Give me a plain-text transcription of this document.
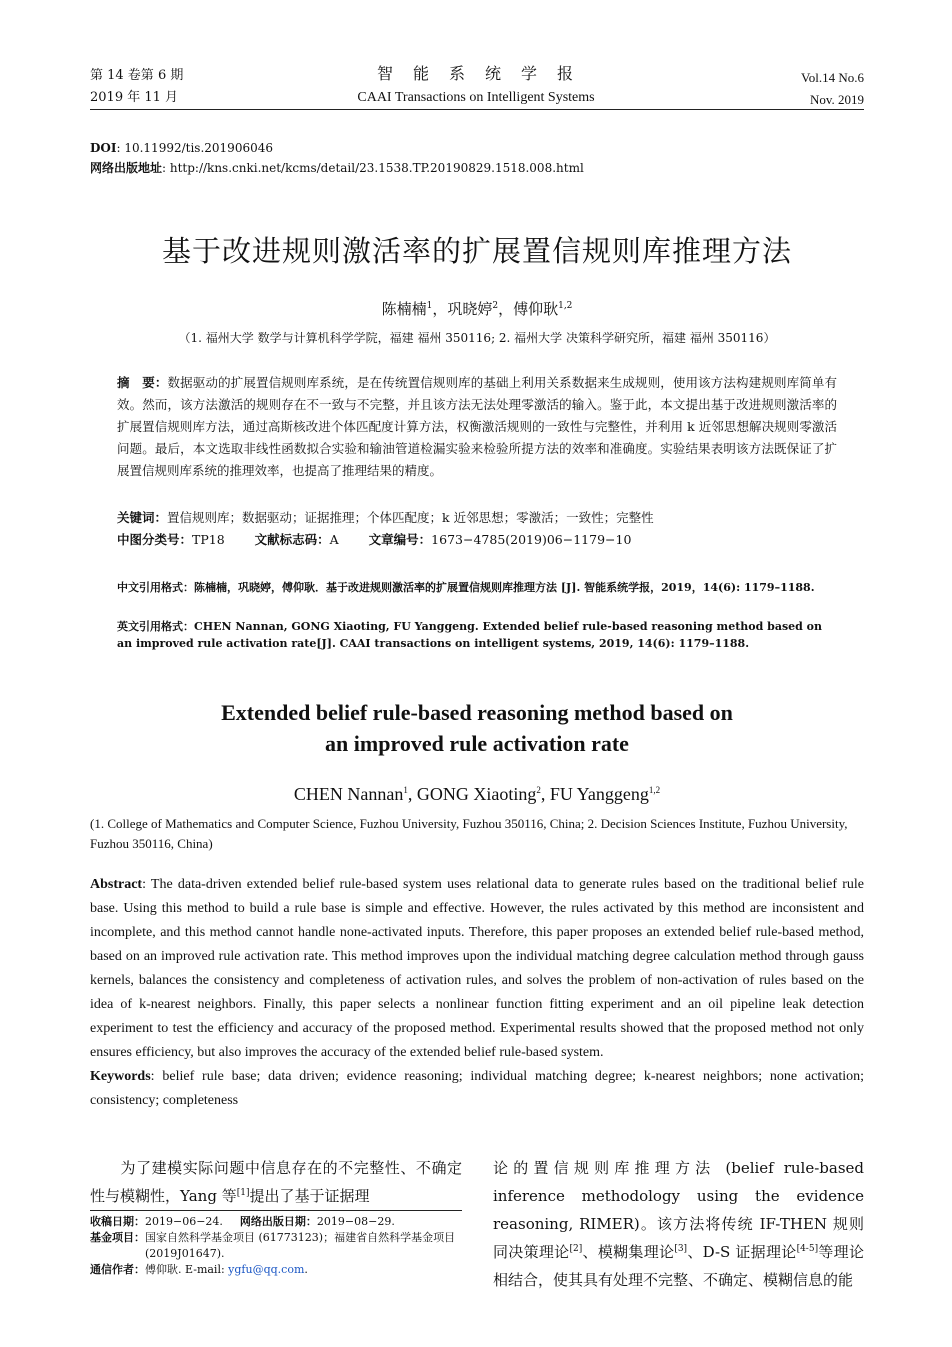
第 14 卷第 6 期
2019 年 11 月
智　能　系　统　学　报
CAAI Transactions on Intelligent Systems
Vol.14 No.6
Nov. 2019
DOI: 10.11992/tis.201906046
网络出版地址: http://kns.cnki.net/kcms/detail/23.1538.TP.20190829.1518.008.html
基于改进规则激活率的扩展置信规则库推理方法
陈楠楠$^1$，巩晓婷$^2$，傅仰耿$^{1,2}$
（1. 福州大学 数学与计算机科学学院，福建 福州 350116; 2. 福州大学 决策科学研究所，福建 福州 350116）
摘　要：数据驱动的扩展置信规则库系统，是在传统置信规则库的基础上利用关系数据来生成规则，使用该方法构建规则库简单有效。然而，该方法激活的规则存在不一致与不完整，并且该方法无法处理零激活的输入。鉴于此，本文提出基于改进规则激活率的扩展置信规则库方法，通过高斯核改进个体匹配度计算方法，权衡激活规则的一致性与完整性，并利用 k 近邻思想解决规则零激活问题。最后，本文选取非线性函数拟合实验和输油管道检漏实验来检验所提方法的效率和准确度。实验结果表明该方法既保证了扩展置信规则库系统的推理效率，也提高了推理结果的精度。
关键词：置信规则库；数据驱动；证据推理；个体匹配度；k 近邻思想；零激活；一致性；完整性
中图分类号：TP18 文献标志码：A 文章编号：1673−4785(2019)06−1179−10
中文引用格式：陈楠楠，巩晓婷，傅仰耿．基于改进规则激活率的扩展置信规则库推理方法 [J]. 智能系统学报，2019，14(6): 1179–1188.
英文引用格式：CHEN Nannan, GONG Xiaoting, FU Yanggeng. Extended belief rule-based reasoning method based on an improved rule activation rate[J]. CAAI transactions on intelligent systems, 2019, 14(6): 1179–1188.
Extended belief rule-based reasoning method based on
an improved rule activation rate
CHEN Nannan$^1$, GONG Xiaoting$^2$, FU Yanggeng$^{1,2}$
(1. College of Mathematics and Computer Science, Fuzhou University, Fuzhou 350116, China; 2. Decision Sciences Institute, Fuzhou University, Fuzhou 350116, China)
Abstract: The data-driven extended belief rule-based system uses relational data to generate rules based on the traditional belief rule base. Using this method to build a rule base is simple and effective. However, the rules activated by this method are inconsistent and incomplete, and this method cannot handle none-activated inputs. Therefore, this paper proposes an extended belief rule-based method, based on an improved rule activation rate. This method improves upon the individual matching degree calculation method through gauss kernels, balances the consistency and completeness of activation rules, and solves the problem of non-activation of rules based on the idea of k-nearest neighbors. Finally, this paper selects a nonlinear function fitting experiment and an oil pipeline leak detection experiment to test the efficiency and accuracy of the proposed method. Experimental results showed that the proposed method not only ensures efficiency, but also improves the accuracy of the extended belief rule-based system.
Keywords: belief rule base; data driven; evidence reasoning; individual matching degree; k-nearest neighbors; none activation; consistency; completeness
为了建模实际问题中信息存在的不完整性、不确定性与模糊性，Yang 等[1]提出了基于证据理
收稿日期：2019−06−24. 网络出版日期：2019−08−29.
基金项目： 国家自然科学基金项目 (61773123)；福建省自然科学基金项目 (2019J01647).
通信作者：傅仰耿. E-mail: ygfu@qq.com.
论的置信规则库推理方法 (belief rule-based inference methodology using the evidence reasoning, RIMER)。该方法将传统 IF-THEN 规则同决策理论[2]、模糊集理论[3]、D-S 证据理论[4-5]等理论相结合，使其具有处理不完整、不确定、模糊信息的能
